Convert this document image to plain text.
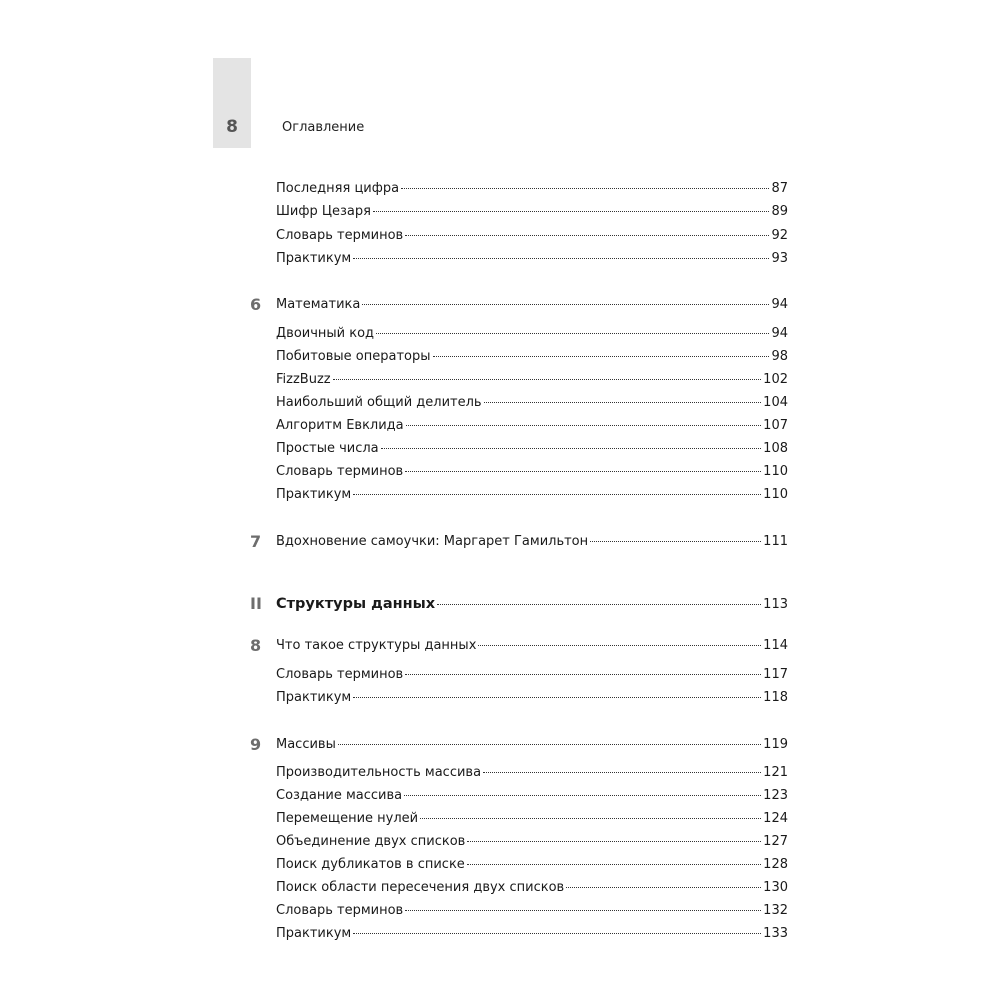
8	Оглавление
Последняя цифра	87
Шифр Цезаря	89
Словарь терминов	92
Практикум	93
6	Математика	94
Двоичный код	94
Побитовые операторы	98
FizzBuzz	102
Наибольший общий делитель	104
Алгоритм Евклида	107
Простые числа	108
Словарь терминов	110
Практикум	110
7	Вдохновение самоучки: Маргарет Гамильтон	111
II Структуры данных	113
8	Что такое структуры данных	114
Словарь терминов	117
Практикум	118
9	Массивы	119
Производительность массива	121
Создание массива	123
Перемещение нулей	124
Объединение двух списков	127
Поиск дубликатов в списке	128
Поиск области пересечения двух списков	130
Словарь терминов	132
Практикум	133
